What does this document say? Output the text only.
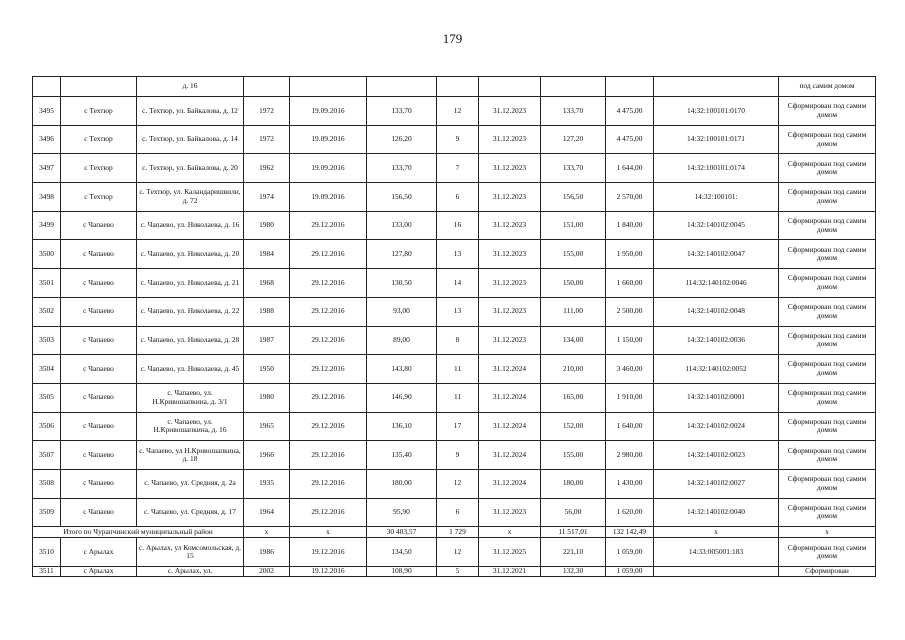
179
		д. 16									под самим домом
3495	с Техтюр	с. Техтюр, ул. Байкалова, д. 12	1972	19.09.2016	133,70	12	31.12.2023	133,70	4 475,00	14:32:100101:0170	Сформирован под самим домом
3496	с Техтюр	с. Техтюр, ул. Байкалова, д. 14	1972	19.09.2016	126,20	9	31.12.2023	127,20	4 475,00	14:32:100101:0171	Сформирован под самим домом
3497	с Техтюр	с. Техтюр, ул. Байкалова, д. 20	1962	19.09.2016	133,70	7	31.12.2023	133,70	1 644,00	14:32:100101:0174	Сформирован под самим домом
3498	с Техтюр	с. Техтюр, ул. Каландаришвили, д. 72	1974	19.09.2016	156,50	6	31.12.2023	156,50	2 570,00	14:32:100101:	Сформирован под самим домом
3499	с Чапаево	с. Чапаево, ул. Николаева, д. 16	1980	29.12.2016	133,00	16	31.12.2023	151,00	1 840,00	14:32:140102:0045	Сформирован под самим домом
3500	с Чапаево	с. Чапаево, ул. Николаева, д. 20	1984	29.12.2016	127,80	13	31.12.2023	155,00	1 950,00	14:32:140102:0047	Сформирован под самим домом
3501	с Чапаево	с. Чапаево, ул. Николаева, д. 21	1968	29.12.2016	130,50	14	31.12.2023	150,00	1 660,00	114:32:140102:0046	Сформирован под самим домом
3502	с Чапаево	с. Чапаево, ул. Николаева, д. 22	1988	29.12.2016	93,00	13	31.12.2023	111,00	2 500,00	14:32:140102:0048	Сформирован под самим домом
3503	с Чапаево	с. Чапаево, ул. Николаева, д. 28	1987	29.12.2016	89,00	8	31.12.2023	134,00	1 150,00	14:32:140102:0036	Сформирован под самим домом
3504	с Чапаево	с. Чапаево, ул. Николаева, д. 45	1950	29.12.2016	143,80	11	31.12.2024	210,00	3 460,00	114:32:140102:0052	Сформирован под самим домом
3505	с Чапаево	с. Чапаево, ул. Н.Кривошапкина, д. 3/1	1980	29.12.2016	146,90	11	31.12.2024	165,00	1 910,00	14:32:140102:0001	Сформирован под самим домом
3506	с Чапаево	с. Чапаево, ул. Н.Кривошапкина, д. 16	1965	29.12.2016	136,10	17	31.12.2024	152,00	1 640,00	14:32:140102:0024	Сформирован под самим домом
3507	с Чапаево	с. Чапаево, ул Н.Кривошапкина, д. 18	1966	29.12.2016	135,40	9	31.12.2024	155,00	2 980,00	14:32:140102:0023	Сформирован под самим домом
3508	с Чапаево	с. Чапаево, ул. Средняя, д. 2а	1935	29.12.2016	180,00	12	31.12.2024	180,00	1 430,00	14:32:140102:0027	Сформирован под самим домом
3509	с Чапаево	с. Чапаево, ул. Средняя, д. 17	1964	29.12.2016	95,90	6	31.12.2023	56,00	1 620,00	14:32:140102:0040	Сформирован под самим домом
Итого по Чурапчинский муниципальный район			х	х	30 403,57	1 729	х	11 517,01	132 142,49	х	х
3510	с Арылах	с. Арылах, ул Комсомольская, д. 15	1986	19.12.2016	134,50	12	31.12.2025	221,10	1 059,00	14:33:005001:183	Сформирован под самим домом
3511	с Арылах	с. Арылах, ул.	2002	19.12.2016	108,90	5	31.12.2021	132,30	1 059,00		Сформирован
